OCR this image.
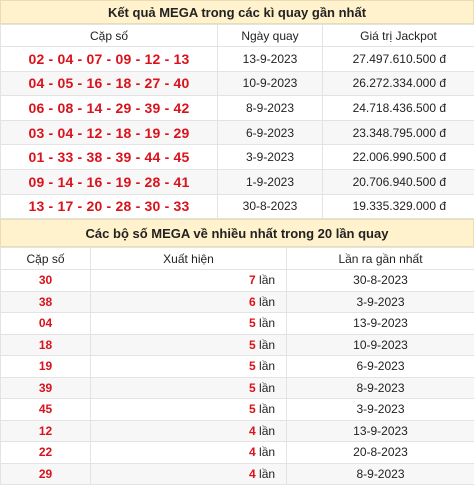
Kết quả MEGA trong các kì quay gần nhất
Cặp số	Ngày quay	Giá trị Jackpot
02 - 04 - 07 - 09 - 12 - 13	13-9-2023	27.497.610.500 đ
04 - 05 - 16 - 18 - 27 - 40	10-9-2023	26.272.334.000 đ
06 - 08 - 14 - 29 - 39 - 42	8-9-2023	24.718.436.500 đ
03 - 04 - 12 - 18 - 19 - 29	6-9-2023	23.348.795.000 đ
01 - 33 - 38 - 39 - 44 - 45	3-9-2023	22.006.990.500 đ
09 - 14 - 16 - 19 - 28 - 41	1-9-2023	20.706.940.500 đ
13 - 17 - 20 - 28 - 30 - 33	30-8-2023	19.335.329.000 đ
Các bộ số MEGA về nhiều nhất trong 20 lần quay
Cặp số	Xuất hiện	Lần ra gần nhất
30	7 lần	30-8-2023
38	6 lần	3-9-2023
04	5 lần	13-9-2023
18	5 lần	10-9-2023
19	5 lần	6-9-2023
39	5 lần	8-9-2023
45	5 lần	3-9-2023
12	4 lần	13-9-2023
22	4 lần	20-8-2023
29	4 lần	8-9-2023
